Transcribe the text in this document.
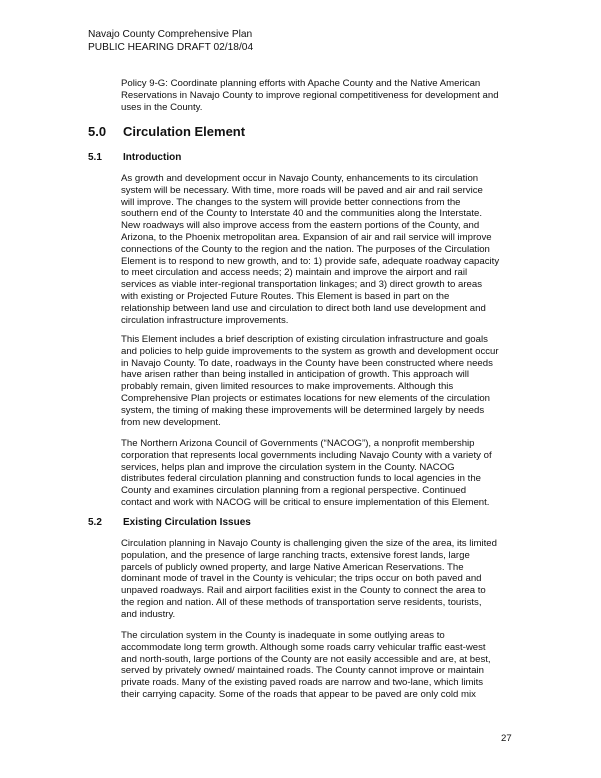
Navajo County Comprehensive Plan
PUBLIC HEARING DRAFT 02/18/04
Policy 9-G: Coordinate planning efforts with Apache County and the Native American
Reservations in Navajo County to improve regional competitiveness for development and
uses in the County.
5.0 Circulation Element
5.1 Introduction
As growth and development occur in Navajo County, enhancements to its circulation
system will be necessary. With time, more roads will be paved and air and rail service
will improve. The changes to the system will provide better connections from the
southern end of the County to Interstate 40 and the communities along the Interstate.
New roadways will also improve access from the eastern portions of the County, and
Arizona, to the Phoenix metropolitan area. Expansion of air and rail service will improve
connections of the County to the region and the nation. The purposes of the Circulation
Element is to respond to new growth, and to: 1) provide safe, adequate roadway capacity
to meet circulation and access needs; 2) maintain and improve the airport and rail
services as viable inter-regional transportation linkages; and 3) direct growth to areas
with existing or Projected Future Routes. This Element is based in part on the
relationship between land use and circulation to direct both land use development and
circulation infrastructure improvements.
This Element includes a brief description of existing circulation infrastructure and goals
and policies to help guide improvements to the system as growth and development occur
in Navajo County. To date, roadways in the County have been constructed where needs
have arisen rather than being installed in anticipation of growth. This approach will
probably remain, given limited resources to make improvements. Although this
Comprehensive Plan projects or estimates locations for new elements of the circulation
system, the timing of making these improvements will be determined largely by needs
from new development.
The Northern Arizona Council of Governments (“NACOG”), a nonprofit membership
corporation that represents local governments including Navajo County with a variety of
services, helps plan and improve the circulation system in the County. NACOG
distributes federal circulation planning and construction funds to local agencies in the
County and examines circulation planning from a regional perspective. Continued
contact and work with NACOG will be critical to ensure implementation of this Element.
5.2 Existing Circulation Issues
Circulation planning in Navajo County is challenging given the size of the area, its limited
population, and the presence of large ranching tracts, extensive forest lands, large
parcels of publicly owned property, and large Native American Reservations. The
dominant mode of travel in the County is vehicular; the trips occur on both paved and
unpaved roadways. Rail and airport facilities exist in the County to connect the area to
the region and nation. All of these methods of transportation serve residents, tourists,
and industry.
The circulation system in the County is inadequate in some outlying areas to
accommodate long term growth. Although some roads carry vehicular traffic east-west
and north-south, large portions of the County are not easily accessible and are, at best,
served by privately owned/ maintained roads. The County cannot improve or maintain
private roads. Many of the existing paved roads are narrow and two-lane, which limits
their carrying capacity. Some of the roads that appear to be paved are only cold mix
27
